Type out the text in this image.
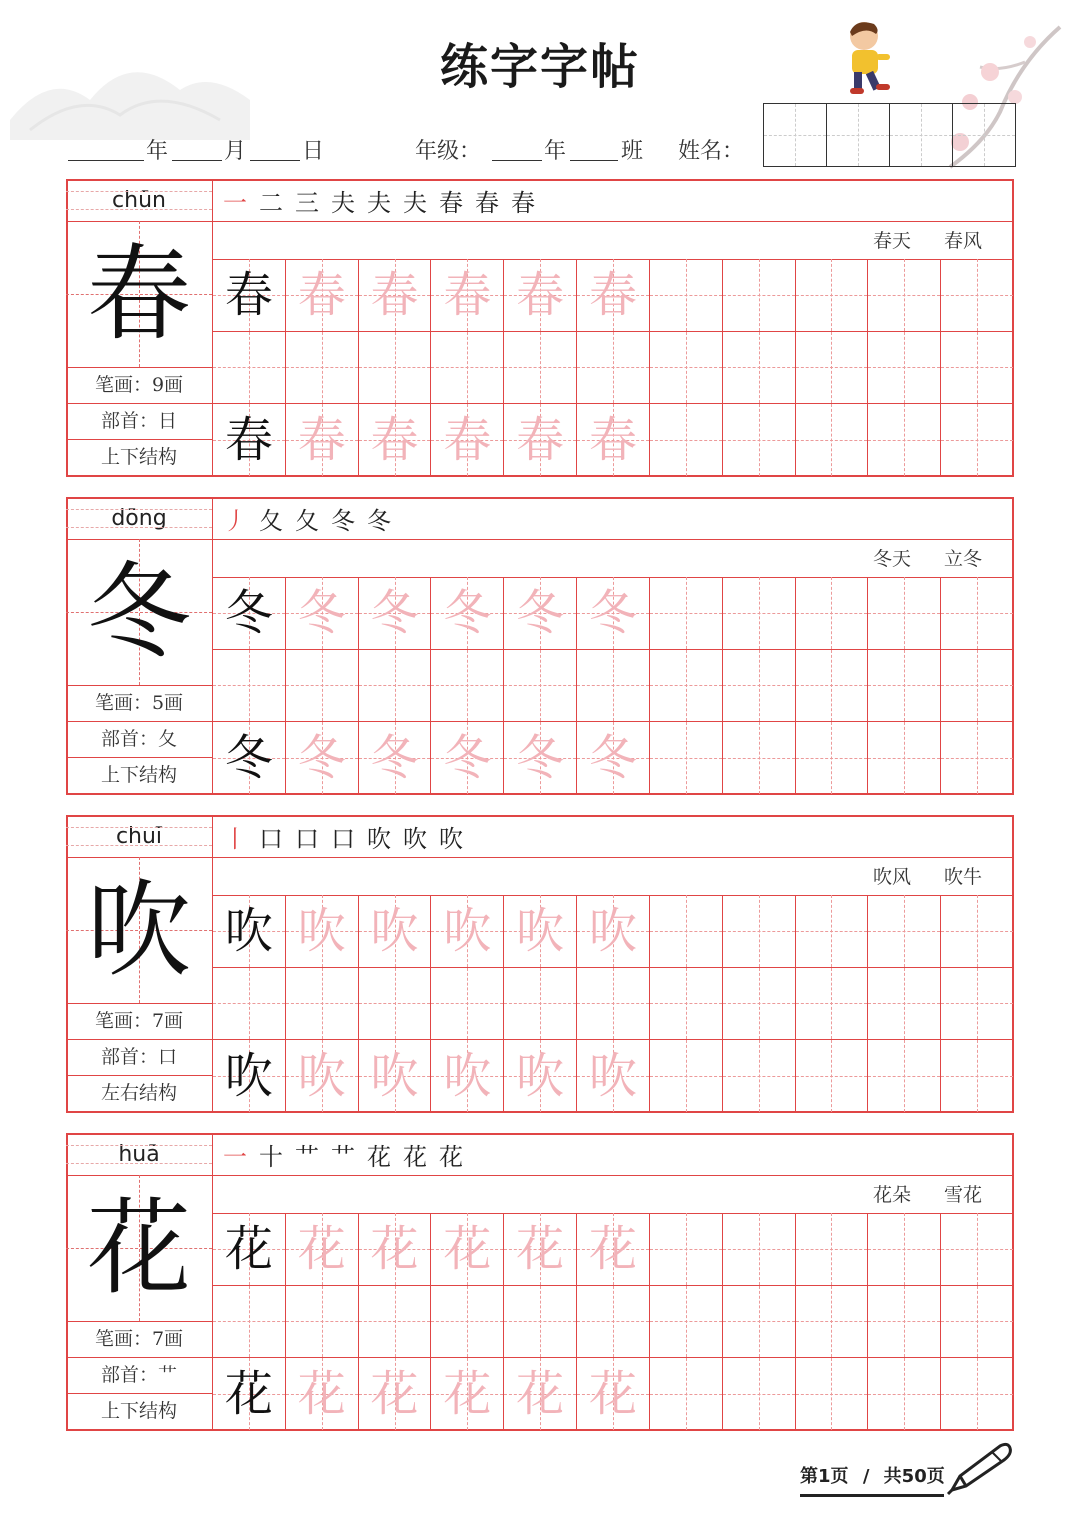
练字字帖
年	月	日	年级：	年 班 姓名：
chūn
春
笔画：9画
部首：日
上下结构
一 二 三 夫 夫 夫 春 春 春
春天 春风
春 春 春 春 春 春
春 春 春 春 春 春
dōng
冬
笔画：5画
部首：夂
上下结构
丿 夂 夂 冬 冬
冬天 立冬
冬 冬 冬 冬 冬 冬
冬 冬 冬 冬 冬 冬
chuī
吹
笔画：7画
部首：口
左右结构
丨 口 口 口 吹 吹 吹
吹风 吹牛
吹 吹 吹 吹 吹 吹
吹 吹 吹 吹 吹 吹
huā
花
笔画：7画
部首：艹
上下结构
一 十 艹 艹 花 花 花
花朵 雪花
花 花 花 花 花 花
花 花 花 花 花 花
第1页 / 共50页
